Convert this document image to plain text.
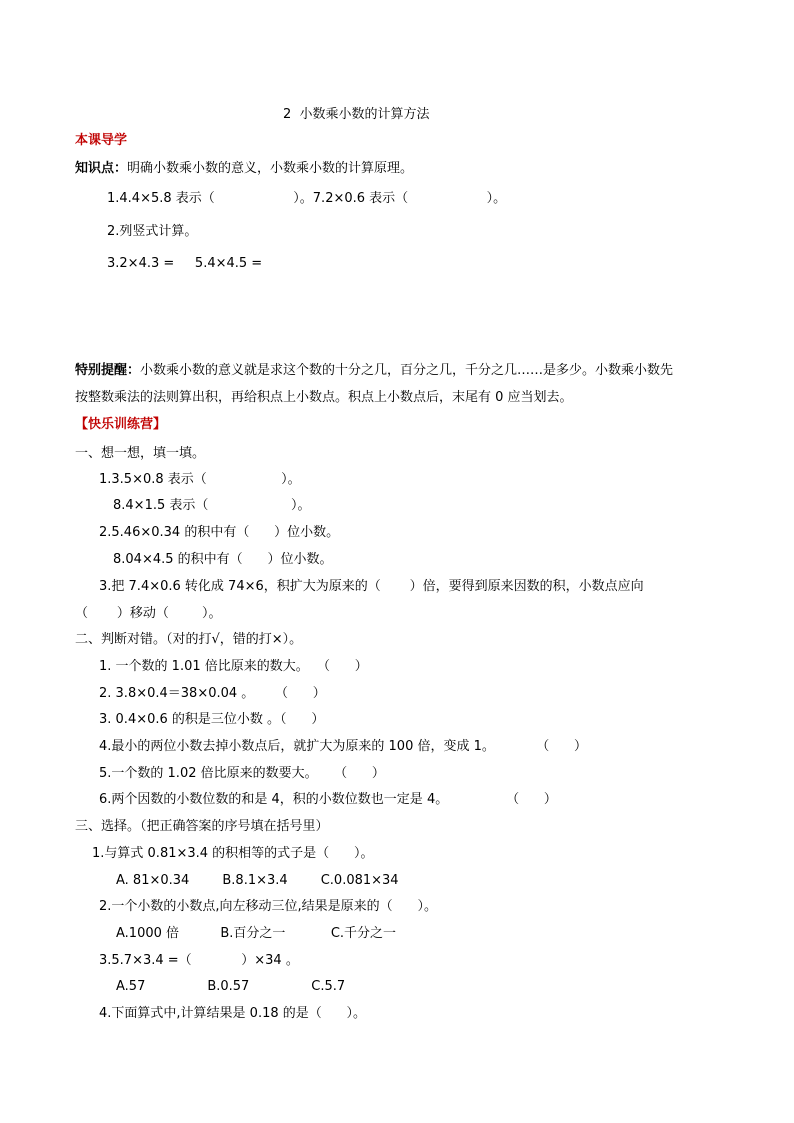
2  小数乘小数的计算方法
本课导学
知识点：明确小数乘小数的意义，小数乘小数的计算原理。
1.4.4×5.8 表示（                   ）。7.2×0.6 表示（                   ）。
2.列竖式计算。
3.2×4.3 =     5.4×4.5 =
特别提醒：小数乘小数的意义就是求这个数的十分之几，百分之几，千分之几……是多少。小数乘小数先
按整数乘法的法则算出积，再给积点上小数点。积点上小数点后，末尾有 0 应当划去。
【快乐训练营】
一、想一想，填一填。
1.3.5×0.8 表示（                  ）。
8.4×1.5 表示（                    ）。
2.5.46×0.34 的积中有（      ）位小数。
8.04×4.5 的积中有（      ）位小数。
3.把 7.4×0.6 转化成 74×6，积扩大为原来的（       ）倍，要得到原来因数的积，小数点应向
（       ）移动（        ）。
二、判断对错。（对的打√，错的打×）。
1. 一个数的 1.01 倍比原来的数大。  （      ）
2. 3.8×0.4＝38×0.04 。     （      ）
3. 0.4×0.6 的积是三位小数 。（      ）
4.最小的两位小数去掉小数点后，就扩大为原来的 100 倍，变成 1。          （      ）
5.一个数的 1.02 倍比原来的数要大。    （      ）
6.两个因数的小数位数的和是 4，积的小数位数也一定是 4。              （      ）
三、选择。（把正确答案的序号填在括号里）
1.与算式 0.81×3.4 的积相等的式子是（      ）。
A. 81×0.34        B.8.1×3.4        C.0.081×34
2.一个小数的小数点,向左移动三位,结果是原来的（      ）。
A.1000 倍          B.百分之一           C.千分之一
3.5.7×3.4 =（            ）×34 。
A.57               B.0.57               C.5.7
4.下面算式中,计算结果是 0.18 的是（      ）。
